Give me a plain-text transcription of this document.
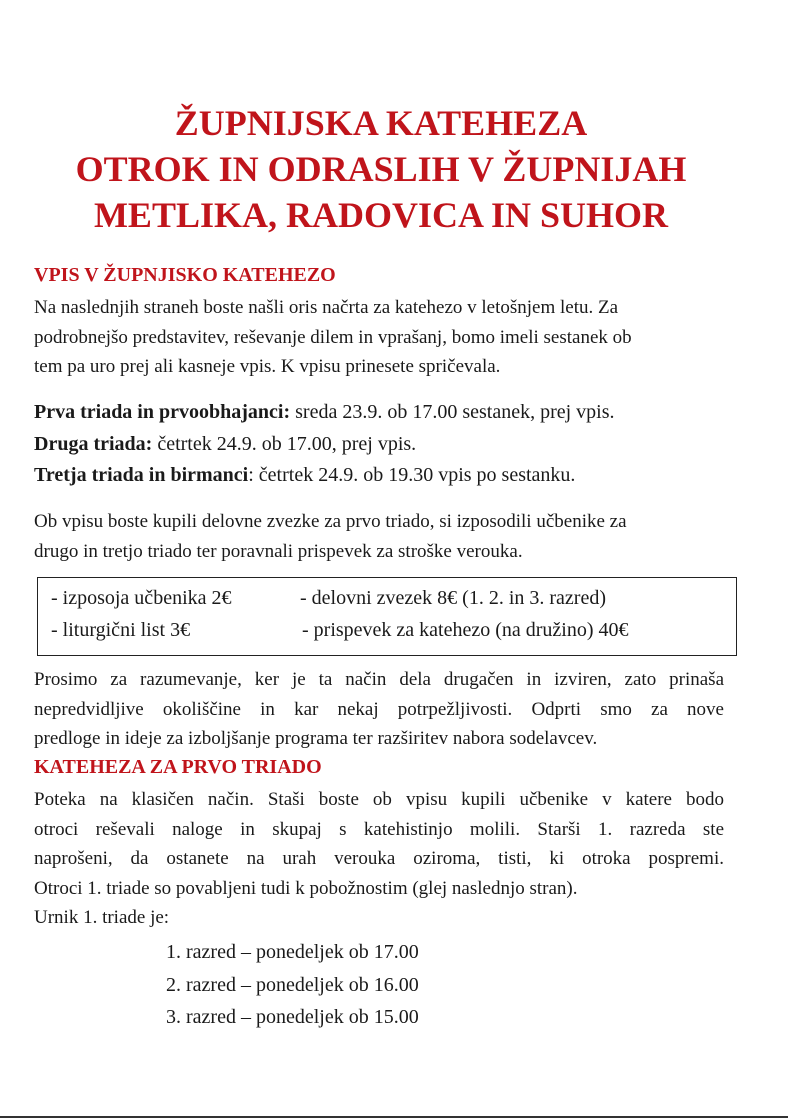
ŽUPNIJSKA KATEHEZA
OTROK IN ODRASLIH V ŽUPNIJAH
METLIKA, RADOVICA IN SUHOR
VPIS V ŽUPNJISKO KATEHEZO

Na naslednjih straneh boste našli oris načrta za katehezo v letošnjem letu. Za
podrobnejšo predstavitev, reševanje dilem in vprašanj, bomo imeli sestanek ob
tem pa uro prej ali kasneje vpis. K vpisu prinesete spričevala.

Prva triada in prvoobhajanci: sreda 23.9. ob 17.00 sestanek, prej vpis.
Druga triada: četrtek 24.9. ob 17.00, prej vpis.
Tretja triada in birmanci: četrtek 24.9. ob 19.30 vpis po sestanku.

Ob vpisu boste kupili delovne zvezke za prvo triado, si izposodili učbenike za
drugo in tretjo triado ter poravnali prispevek za stroške verouka.

- izposoja učbenika 2€	- delovni zvezek 8€ (1. 2. in 3. razred)
- liturgični list 3€	- prispevek za katehezo (na družino) 40€

Prosimo za razumevanje, ker je ta način dela drugačen in izviren, zato prinaša
nepredvidljive okoliščine in kar nekaj potrpežljivosti. Odprti smo za nove
predloge in ideje za izboljšanje programa ter razširitev nabora sodelavcev.

KATEHEZA ZA PRVO TRIADO

Poteka na klasičen način. Staši boste ob vpisu kupili učbenike v katere bodo
otroci reševali naloge in skupaj s katehistinjo molili. Starši 1. razreda ste
naprošeni, da ostanete na urah verouka oziroma, tisti, ki otroka pospremi.
Otroci 1. triade so povabljeni tudi k pobožnostim (glej naslednjo stran).
Urnik 1. triade je:

1. razred – ponedeljek ob 17.00
2. razred – ponedeljek ob 16.00
3. razred – ponedeljek ob 15.00
